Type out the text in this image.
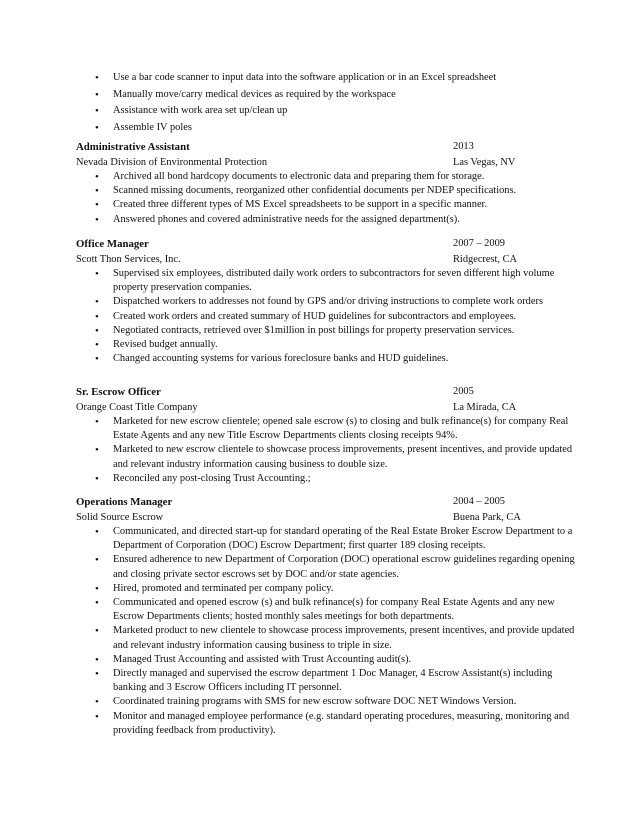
• Use a bar code scanner to input data into the software application or in an Excel spreadsheet
• Manually move/carry medical devices as required by the workspace
• Assistance with work area set up/clean up
• Assemble IV poles
Administrative Assistant	2013
Nevada Division of Environmental Protection	Las Vegas, NV
• Archived all bond hardcopy documents to electronic data and preparing them for storage.
• Scanned missing documents, reorganized other confidential documents per NDEP specifications.
• Created three different types of MS Excel spreadsheets to be support in a specific manner.
• Answered phones and covered administrative needs for the assigned department(s).
Office Manager	2007 – 2009
Scott Thon Services, Inc.	Ridgecrest, CA
• Supervised six employees, distributed daily work orders to subcontractors for seven different high volume property preservation companies.
• Dispatched workers to addresses not found by GPS and/or driving instructions to complete work orders
• Created work orders and created summary of HUD guidelines for subcontractors and employees.
• Negotiated contracts, retrieved over $1million in post billings for property preservation services.
• Revised budget annually.
• Changed accounting systems for various foreclosure banks and HUD guidelines.
Sr. Escrow Officer	2005
Orange Coast Title Company	La Mirada, CA
• Marketed for new escrow clientele; opened sale escrow (s) to closing and bulk refinance(s) for company Real Estate Agents and any new Title Escrow Departments clients closing receipts 94%.
• Marketed to new escrow clientele to showcase process improvements, present incentives, and provide updated and relevant industry information causing business to double size.
• Reconciled any post-closing Trust Accounting.;
Operations Manager	2004 – 2005
Solid Source Escrow	Buena Park, CA
• Communicated, and directed start-up for standard operating of the Real Estate Broker Escrow Department to a Department of Corporation (DOC) Escrow Department; first quarter 189 closing receipts.
• Ensured adherence to new Department of Corporation (DOC) operational escrow guidelines regarding opening and closing private sector escrows set by DOC and/or state agencies.
• Hired, promoted and terminated per company policy.
• Communicated and opened escrow (s) and bulk refinance(s) for company Real Estate Agents and any new Escrow Departments clients; hosted monthly sales meetings for both departments.
• Marketed product to new clientele to showcase process improvements, present incentives, and provide updated and relevant industry information causing business to triple in size.
• Managed Trust Accounting and assisted with Trust Accounting audit(s).
• Directly managed and supervised the escrow department 1 Doc Manager, 4 Escrow Assistant(s) including banking and 3 Escrow Officers including IT personnel.
• Coordinated training programs with SMS for new escrow software DOC NET Windows Version.
• Monitor and managed employee performance (e.g. standard operating procedures, measuring, monitoring and providing feedback from productivity).
